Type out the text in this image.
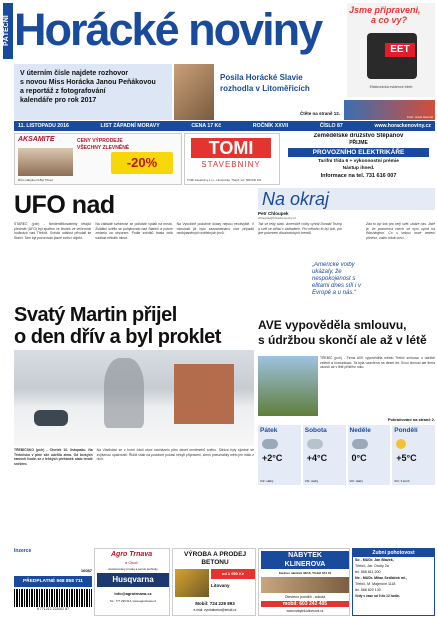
PÁTEČNÍ Horácké noviny	Jsme připraveni,
a co vy?
EET
Elektronická evidence tržeb
V úterním čísle najdete rozhovor
s novou Miss Horácka Janou Peňákovou
a reportáž z fotografování
kalendáře pro rok 2017
Posila Horácké Slavie
rozhodla v Litoměřicích
Čtěte na straně 12.
Foto: Josef Hemzal
11. LISTOPADU 2016	LIST ZÁPADNÍ MORAVY	CENA 17 Kč	ROČNÍK XXVII	ČÍSLO 87	www.horackenoviny.cz
AKSAMITE	CENY VÝPRODEJE
VŠECHNY ZLEVNĚNÉ
-20%
Dům nábytku N-Byt Třinec
TOMI
STAVEBNINY
TOMI stavebniny s.r.o., Hrotovická, Třebíč, tel.: 568 840 911
Zemědělské družstvo Štěpánov
PŘIJME
PROVOZNÍHO ELEKTRIKÁŘE
Tarifní třída 6 + výkonnostní prémie
Nástup ihned.
Informace na tel. 731 616 007
UFO nad
STAŘEČ (pch) - Neidentifikovatelný létající předmět (UFO) byl spatřen ve čtvrtek ve večerních hodinách nad Třebíčí. Svědci událost přivolali ke Starči. Tam byl pozorován jasně svítící objekt.
Na základě svědectví se policisté vydali na místo. Zvláštní světlo se pohybovalo nad Stařečí a potom zmizelo za obzorem. Podle svědků trvala celá událost několik minut.
Na Vysočině podobné úkazy nejsou neobvyklé. V minulosti již bylo zaznamenáno více případů neobjasněných světelných jevů.
Svatý Martin přijel
o den dřív a byl proklet
TŘEBÍČSKO (pch) - Čtvrtek 10. listopadu. Na Třebíčsko v plné síle udeřila zima. Od brzkých ranních hodin se z lehkých přeháněk stalo trvalé sněžení.
Na Vladislavi se v horní části obce nacházelo přes deset centimetrů sněhu. Silnice byly sjízdné se zvýšenou opatrností. Řidiči však na podobné počasí nebyli připraveni, zimní pneumatiky mělo jen málo z nich.
Inzerce
PŘEDPLATNÉ 568 858 711
9 771212 222002 87
16087
Na okraj
Petr Chloupek
chloupek@horackenoviny.cz
Tak se tedy stalo. Americké volby vyhrál Donald Trump a svět se otřásl v základech. Pro někoho to byl šok, pro jiné potvrzení dlouhodobých trendů.
„Americké volby ukázaly, že nespokojenost s elitami dnes sílí i v Evropě a u nás.“
Zda to byl šok pro celý svět, ukáže čas. Jisté je, že pozornost všech se nyní upírá na Washington. Co s sebou nové vedení přinese, zatím nikdo neví.
AVE vypověděla smlouvu,
s údržbou skončí ale až v létě
TŘEBÍČ (pch) - Firma AVE vypověděla městu Třebíč smlouvu o údržbě zeleně a komunikací. Ta byla uzavřena na deset let. Svou činnost ale firma ukončí až v létě příštího roku.
Pokračování na straně 2.
Pátek
+2°C
Vítr: slabý
Sobota
+4°C
Vítr: slabý
Neděle
0°C
Vítr: slabý
Pondělí
+5°C
Vítr: 3 km/h
Agro Trnava
a Okolí
Autorizovaný prodej a servis techniky
Husqvarna
info@agrotrnava.cz
Tel.: 777 290 014, www.agrotrnava.cz
VÝROBA A PRODEJ BETONU
od 1 950 Kč
Litovany
Mobil: 724 229 893
e-mail: vyrobabeton@email.cz
NÁBYTEK
KLINEROVA
Karlovo náměstí 32/16, Třebíč 674 01
Otevřeno pondělí - sobota
mobil: 603 242 405
www.nabytek-klinerova.cz
Zubní pohotovost
So - MUDr. Jan Blažek,
Třebíč, Jar. Ondry 2a
tel. 568 811 200
Ne - MUDr. Milan Sedláček ml.,
Třebíč, M. Majerové 1118
tel. 568 820 130
Vždy v čase od 9 do 12 hodin.
